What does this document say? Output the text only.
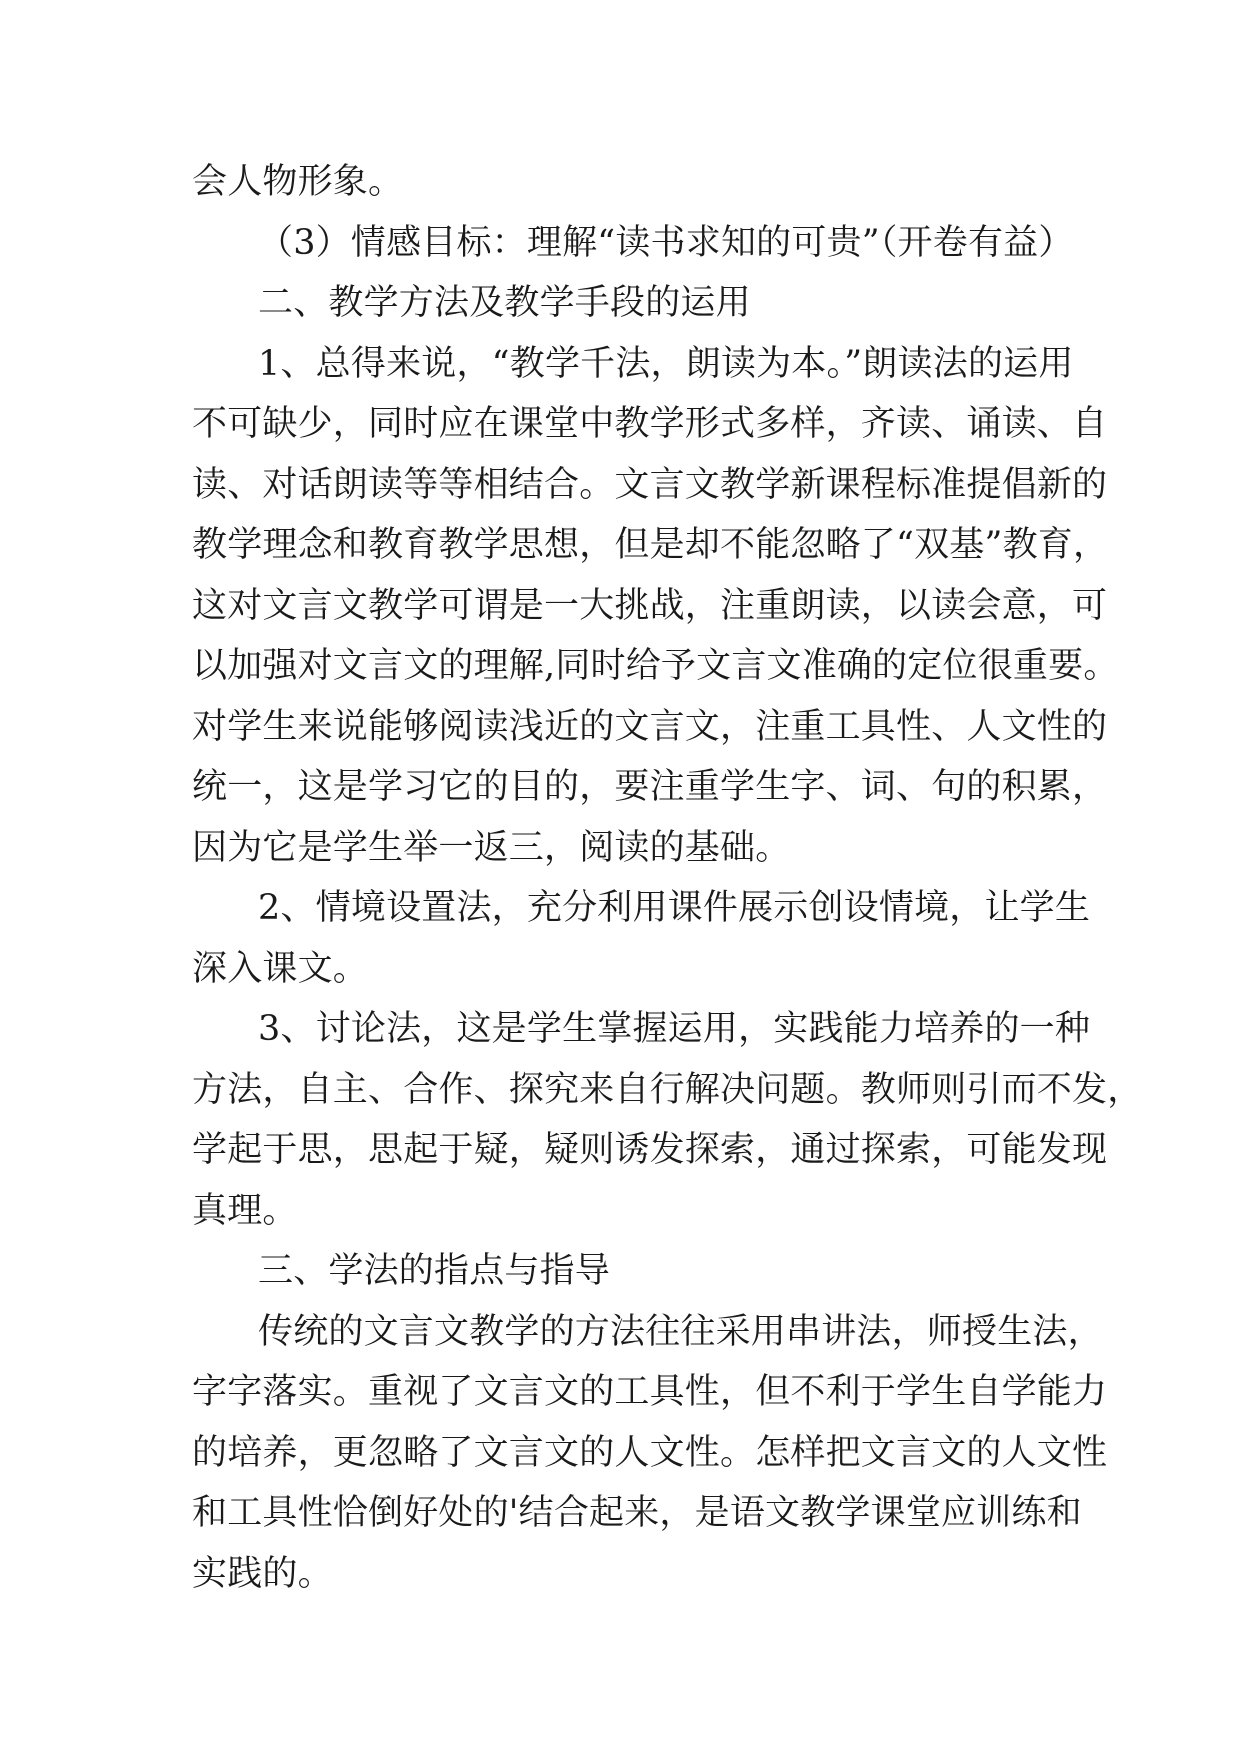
会人物形象。
（3）情感目标：理解“读书求知的可贵”（开卷有益）
二、教学方法及教学手段的运用
1、总得来说，“教学千法，朗读为本。”朗读法的运用
不可缺少，同时应在课堂中教学形式多样，齐读、诵读、自
读、对话朗读等等相结合。文言文教学新课程标准提倡新的
教学理念和教育教学思想，但是却不能忽略了“双基”教育，
这对文言文教学可谓是一大挑战，注重朗读，以读会意，可
以加强对文言文的理解,同时给予文言文准确的定位很重要。
对学生来说能够阅读浅近的文言文，注重工具性、人文性的
统一，这是学习它的目的，要注重学生字、词、句的积累，
因为它是学生举一返三，阅读的基础。
2、情境设置法，充分利用课件展示创设情境，让学生
深入课文。
3、讨论法，这是学生掌握运用，实践能力培养的一种
方法，自主、合作、探究来自行解决问题。教师则引而不发，
学起于思，思起于疑，疑则诱发探索，通过探索，可能发现
真理。
三、学法的指点与指导
传统的文言文教学的方法往往采用串讲法，师授生法，
字字落实。重视了文言文的工具性，但不利于学生自学能力
的培养，更忽略了文言文的人文性。怎样把文言文的人文性
和工具性恰倒好处的'结合起来，是语文教学课堂应训练和
实践的。
